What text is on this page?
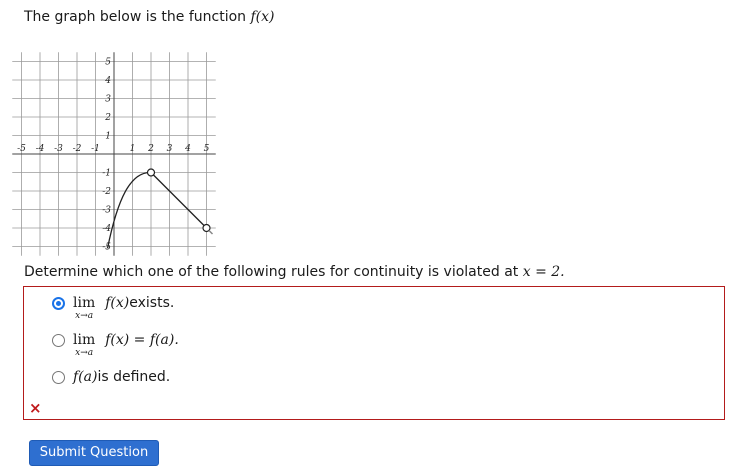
The graph below is the function f(x)
-5 -4 -3 -2 -1	1 2 3 4 5
5
4
3
2
1
-1
-2
-3
-4
-5
Determine which one of the following rules for continuity is violated at x = 2.
lim
x→a
f(x) exists.
lim
x→a
f(x) = f(a).
f(a) is defined.
×
Submit Question
